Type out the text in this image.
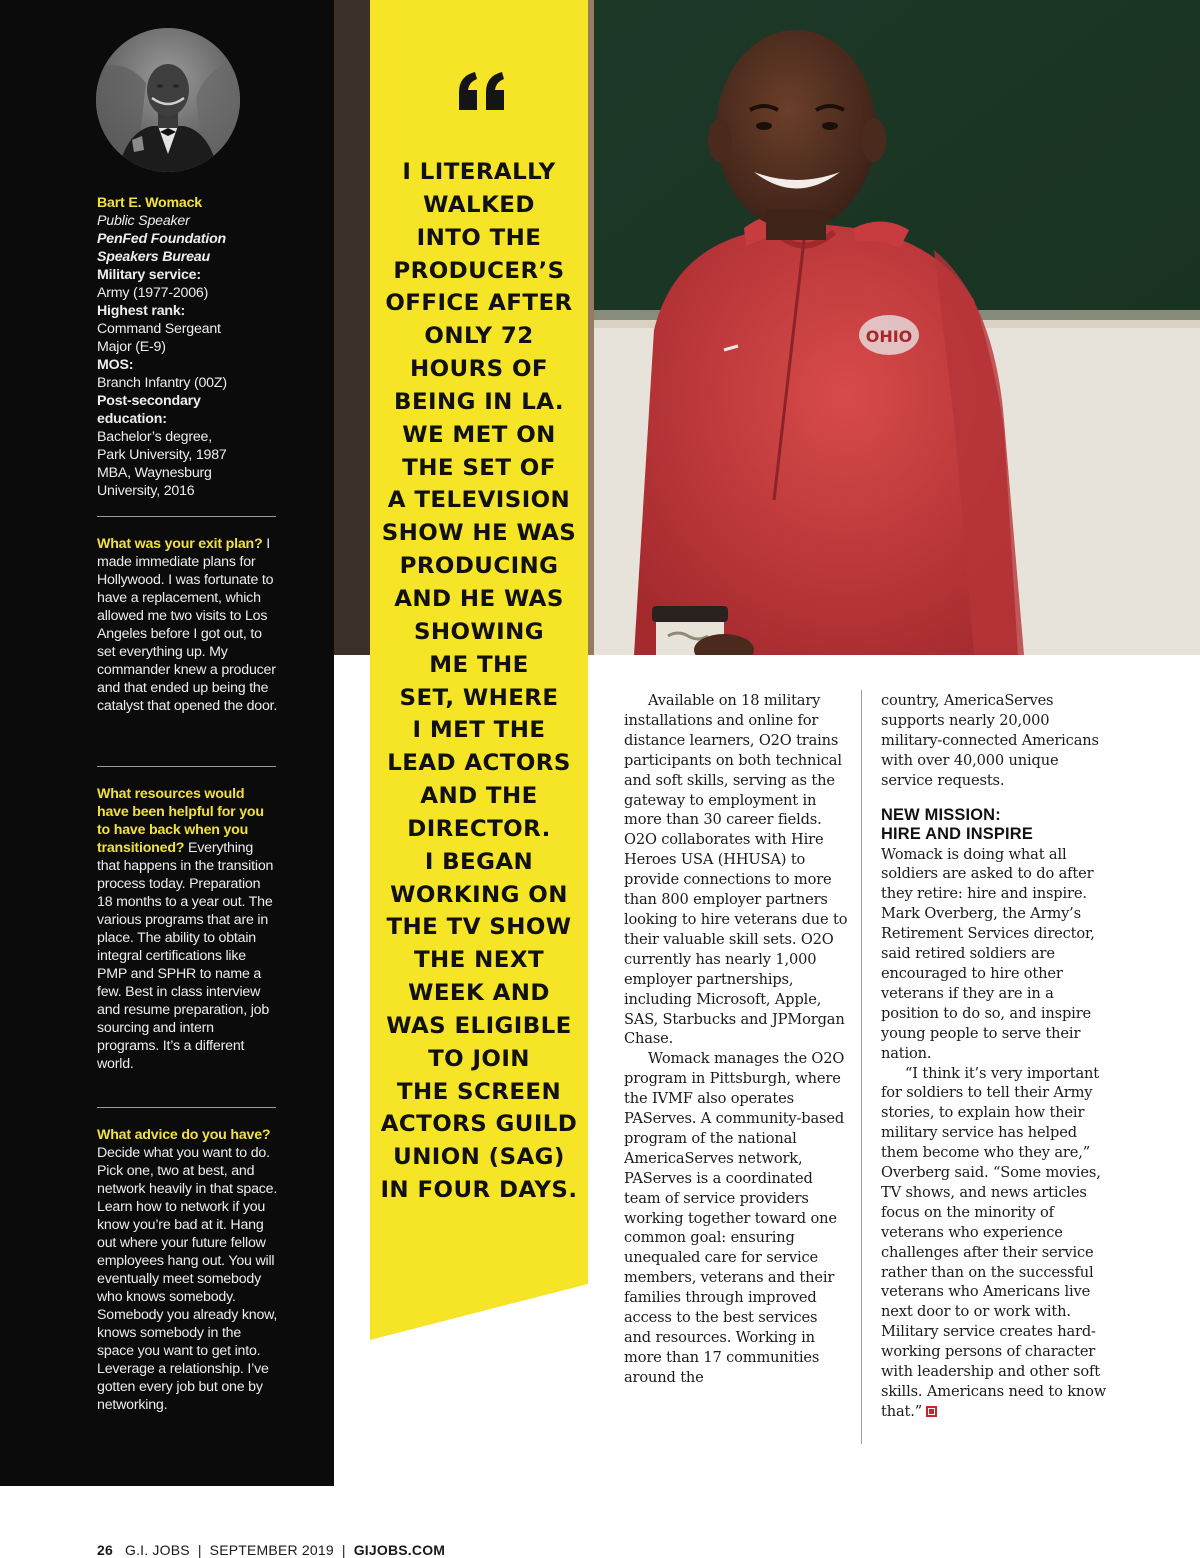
Bart E. Womack
Public Speaker
PenFed Foundation
Speakers Bureau
Military service:
Army (1977-2006)
Highest rank:
Command Sergeant
Major (E-9)
MOS:
Branch Infantry (00Z)
Post-secondary
education:
Bachelor’s degree,
Park University, 1987
MBA, Waynesburg
University, 2016
What was your exit plan? I made immediate plans for Hollywood. I was fortunate to have a replacement, which allowed me two visits to Los Angeles before I got out, to set everything up. My commander knew a producer and that ended up being the catalyst that opened the door.
What resources would have been helpful for you to have back when you transitioned? Everything that happens in the transition process today. Preparation 18 months to a year out. The various programs that are in place. The ability to obtain integral certifications like PMP and SPHR to name a few. Best in class interview and resume preparation, job sourcing and intern programs. It’s a different world.
What advice do you have? Decide what you want to do. Pick one, two at best, and network heavily in that space. Learn how to network if you know you’re bad at it. Hang out where your future fellow employees hang out. You will eventually meet somebody who knows somebody. Somebody you already know, knows somebody in the space you want to get into. Leverage a relationship. I’ve gotten every job but one by networking.
OHIO
I LITERALLY
WALKED
INTO THE
PRODUCER’S
OFFICE AFTER
ONLY 72
HOURS OF
BEING IN LA.
WE MET ON
THE SET OF
A TELEVISION
SHOW HE WAS
PRODUCING
AND HE WAS
SHOWING
ME THE
SET, WHERE
I MET THE
LEAD ACTORS
AND THE
DIRECTOR.
I BEGAN
WORKING ON
THE TV SHOW
THE NEXT
WEEK AND
WAS ELIGIBLE
TO JOIN
THE SCREEN
ACTORS GUILD
UNION (SAG)
IN FOUR DAYS.

Available on 18 military installations and online for distance learners, O2O trains participants on both technical and soft skills, serving as the gateway to employment in more than 30 career fields. O2O collaborates with Hire Heroes USA (HHUSA) to provide connections to more than 800 employer partners looking to hire veterans due to their valuable skill sets. O2O currently has nearly 1,000 employer partnerships, including Microsoft, Apple, SAS, Starbucks and JPMorgan Chase.

Womack manages the O2O program in Pittsburgh, where the IVMF also operates PAServes. A community-based program of the national AmericaServes network, PAServes is a coordinated team of service providers working together toward one common goal: ensuring unequaled care for service members, veterans and their families through improved access to the best services and resources. Working in more than 17 communities around the

country, AmericaServes supports nearly 20,000 military-connected Americans with over 40,000 unique service requests.

NEW MISSION:
HIRE AND INSPIRE

Womack is doing what all soldiers are asked to do after they retire: hire and inspire. Mark Overberg, the Army’s Retirement Services director, said retired soldiers are encouraged to hire other veterans if they are in a position to do so, and inspire young people to serve their nation.

“I think it’s very important for soldiers to tell their Army stories, to explain how their military service has helped them become who they are,” Overberg said. “Some movies, TV shows, and news articles focus on the minority of veterans who experience challenges after their service rather than on the successful veterans who Americans live next door to or work with. Military service creates hard-working persons of character with leadership and other soft skills. Americans need to know that.”

26 G.I. JOBS | SEPTEMBER 2019 | GIJOBS.COM
